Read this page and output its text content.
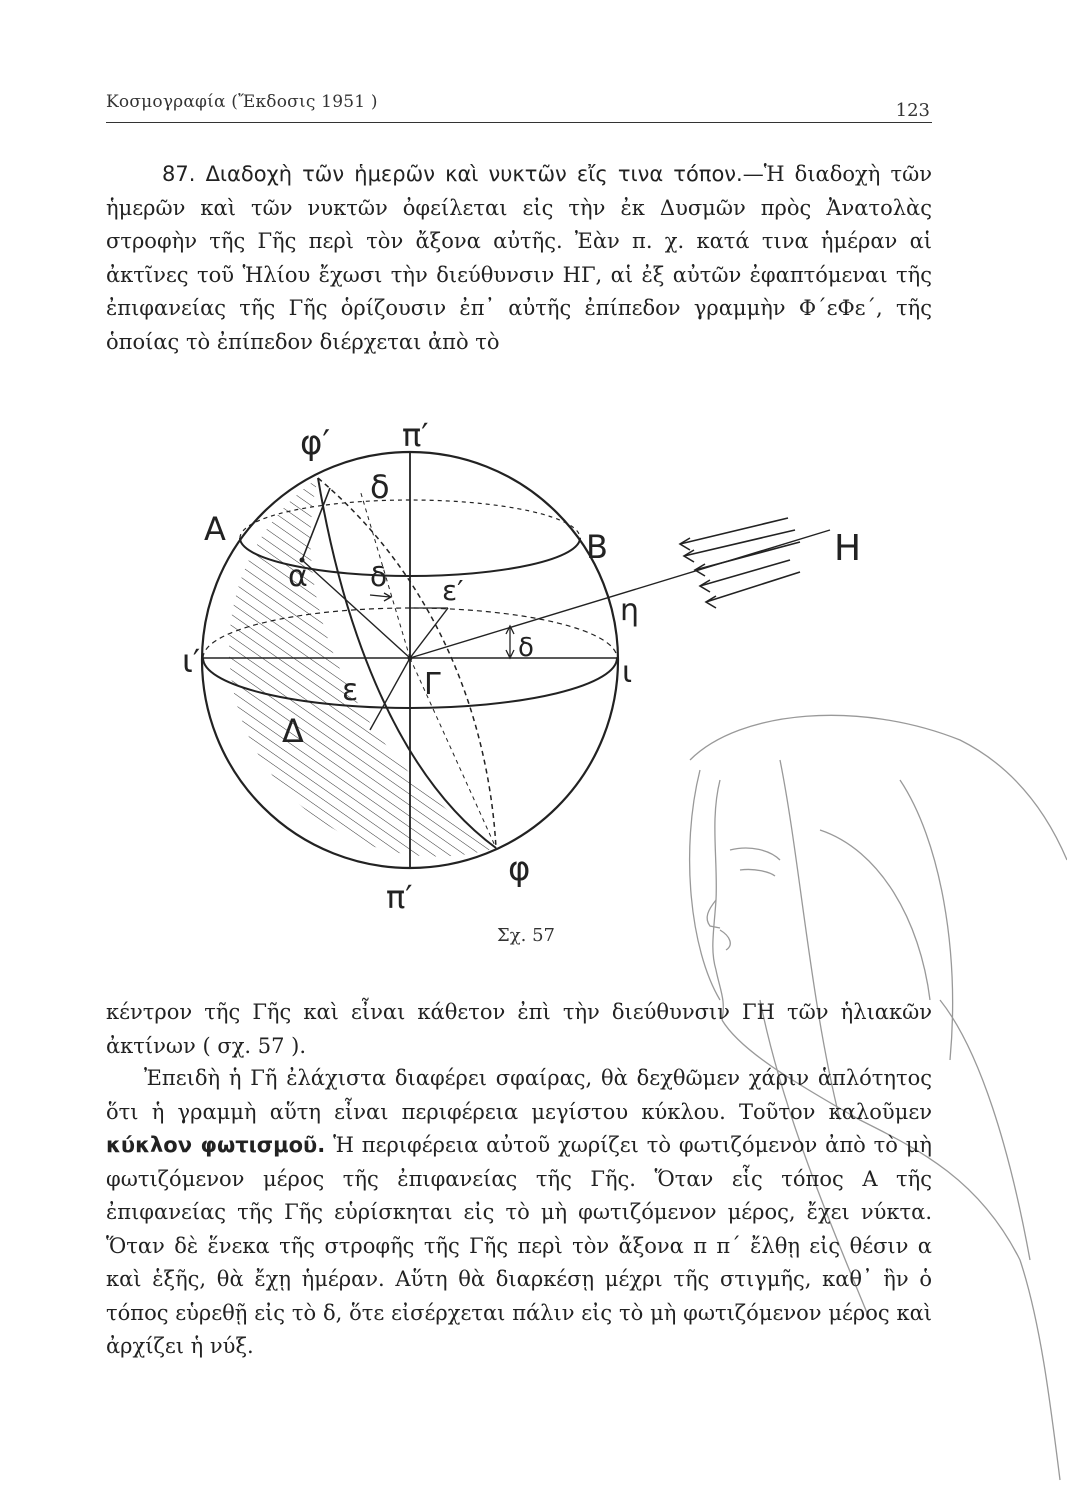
Κοσμογραφία (Ἔκδοσις 1951 )	123

87. Διαδοχὴ τῶν ἡμερῶν καὶ νυκτῶν εἴς τινα τόπον.—Ἡ διαδοχὴ τῶν ἡμερῶν καὶ τῶν νυκτῶν ὀφείλεται εἰς τὴν ἐκ Δυσμῶν πρὸς Ἀνατολὰς στροφὴν τῆς Γῆς περὶ τὸν ἄξονα αὐτῆς. Ἐὰν π. χ. κατά τινα ἡμέραν αἱ ἀκτῖνες τοῦ Ἡλίου ἔχωσι τὴν διεύθυνσιν ΗΓ, αἱ ἐξ αὐτῶν ἐφαπτόμεναι τῆς ἐπιφανείας τῆς Γῆς ὁρίζουσιν ἐπ᾽ αὐτῆς ἐπίπεδον γραμμὴν Φ΄εΦε΄, τῆς ὁποίας τὸ ἐπίπεδον διέρχεται ἀπὸ τὸ

φ′ π′
δ
Α	Β	Η
α δ ε′
η
ι′	δ
ι
ε Γ
Δ
φ
π′
Σχ. 57

κέντρον τῆς Γῆς καὶ εἶναι κάθετον ἐπὶ τὴν διεύθυνσιν ΓΗ τῶν ἡλιακῶν ἀκτίνων ( σχ. 57 ).

Ἐπειδὴ ἡ Γῆ ἐλάχιστα διαφέρει σφαίρας, θὰ δεχθῶμεν χάριν ἁπλότητος ὅτι ἡ γραμμὴ αὕτη εἶναι περιφέρεια μεγίστου κύκλου. Τοῦτον καλοῦμεν κύκλον φωτισμοῦ. Ἡ περιφέρεια αὐτοῦ χωρίζει τὸ φωτιζόμενον ἀπὸ τὸ μὴ φωτιζόμενον μέρος τῆς ἐπιφανείας τῆς Γῆς. Ὅταν εἷς τόπος Α τῆς ἐπιφανείας τῆς Γῆς εὑρίσκηται εἰς τὸ μὴ φωτιζόμενον μέρος, ἔχει νύκτα. Ὅταν δὲ ἕνεκα τῆς στροφῆς τῆς Γῆς περὶ τὸν ἄξονα π π΄ ἔλθῃ εἰς θέσιν α καὶ ἑξῆς, θὰ ἔχῃ ἡμέραν. Αὕτη θὰ διαρκέσῃ μέχρι τῆς στιγμῆς, καθ᾽ ἣν ὁ τόπος εὑρεθῇ εἰς τὸ δ, ὅτε εἰσέρχεται πάλιν εἰς τὸ μὴ φωτιζόμενον μέρος καὶ ἀρχίζει ἡ νύξ.
